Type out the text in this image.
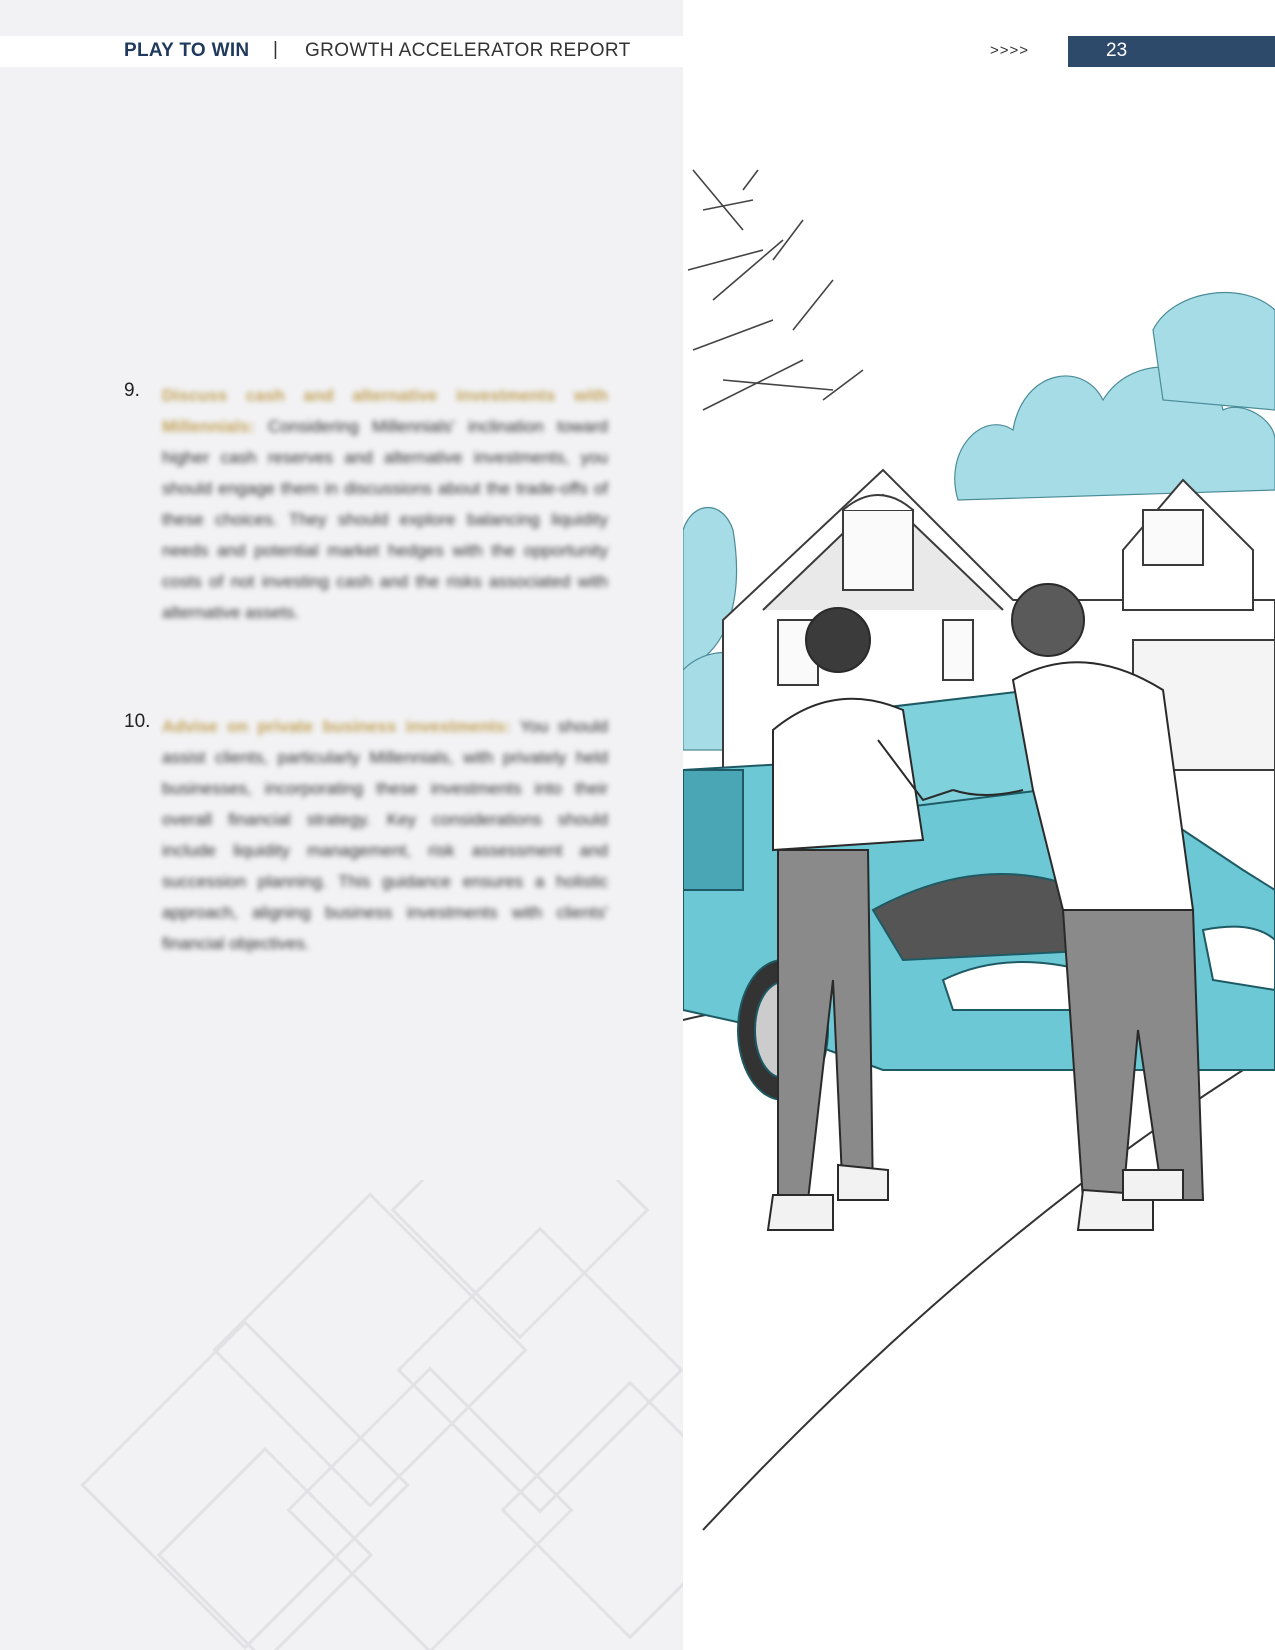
PLAY TO WIN | GROWTH ACCELERATOR REPORT
9. Discuss cash and alternative investments with Millennials: Considering Millennials' inclination toward higher cash reserves and alternative investments, you should engage them in discussions about the trade-offs of these choices. They should explore balancing liquidity needs and potential market hedges with the opportunity costs of not investing cash and the risks associated with alternative assets.
10. Advise on private business investments: You should assist clients, particularly Millennials, with privately held businesses, incorporating these investments into their overall financial strategy. Key considerations should include liquidity management, risk assessment and succession planning. This guidance ensures a holistic approach, aligning business investments with clients' financial objectives.
>>>>	23
